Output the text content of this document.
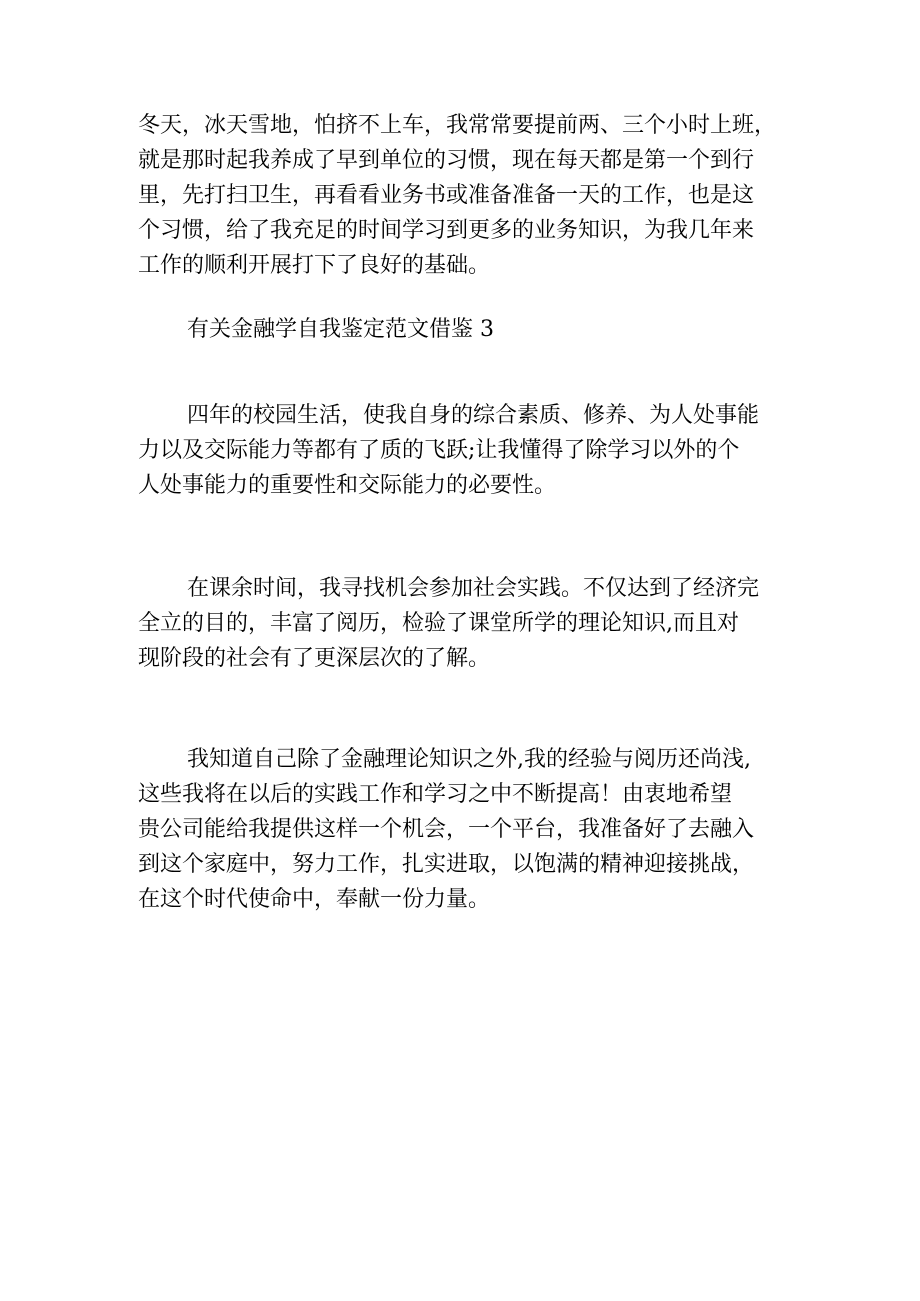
冬天，冰天雪地，怕挤不上车，我常常要提前两、三个小时上班，
就是那时起我养成了早到单位的习惯，现在每天都是第一个到行
里，先打扫卫生，再看看业务书或准备准备一天的工作，也是这
个习惯，给了我充足的时间学习到更多的业务知识，为我几年来
工作的顺利开展打下了良好的基础。
有关金融学自我鉴定范文借鉴 3
四年的校园生活，使我自身的综合素质、修养、为人处事能
力以及交际能力等都有了质的飞跃;让我懂得了除学习以外的个
人处事能力的重要性和交际能力的必要性。
在课余时间，我寻找机会参加社会实践。不仅达到了经济完
全立的目的，丰富了阅历，检验了课堂所学的理论知识,而且对
现阶段的社会有了更深层次的了解。
我知道自己除了金融理论知识之外,我的经验与阅历还尚浅,
这些我将在以后的实践工作和学习之中不断提高！由衷地希望
贵公司能给我提供这样一个机会，一个平台，我准备好了去融入
到这个家庭中，努力工作，扎实进取，以饱满的精神迎接挑战，
在这个时代使命中，奉献一份力量。
